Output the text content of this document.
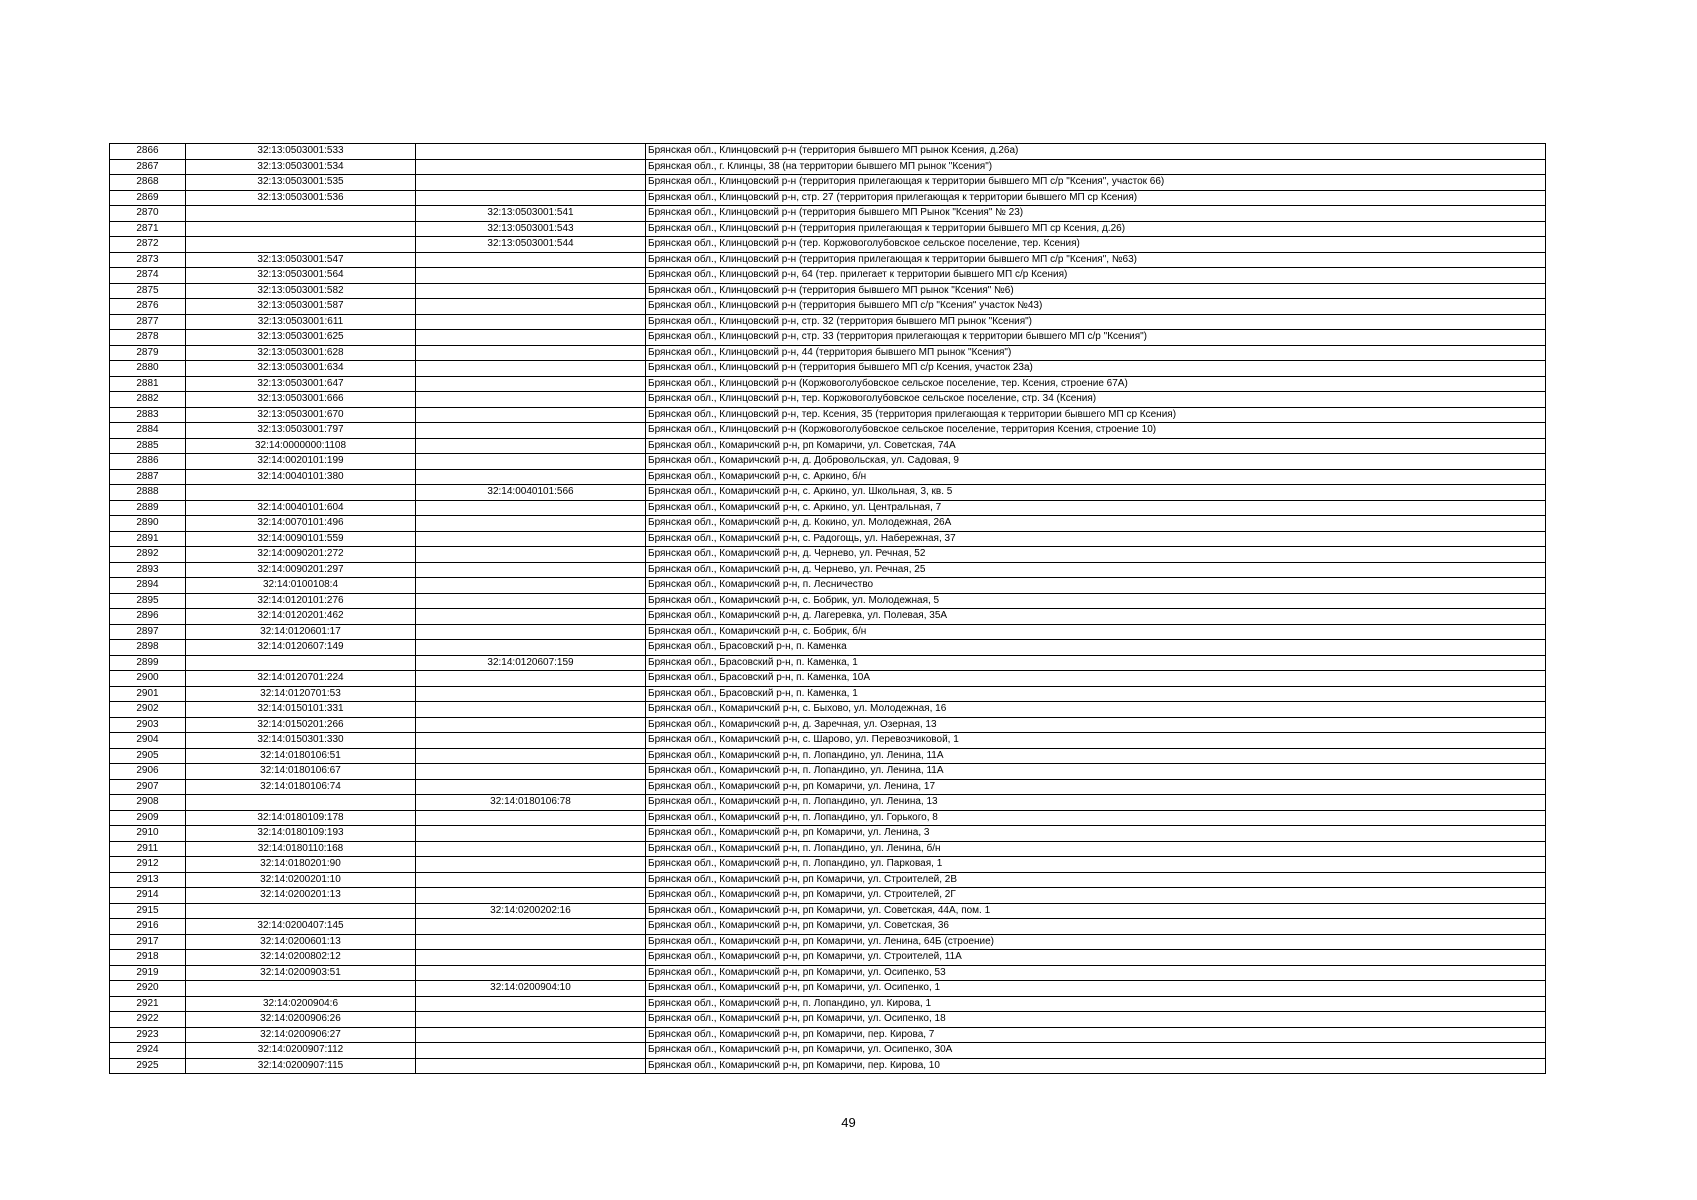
2866	32:13:0503001:533		Брянская обл., Клинцовский р-н (территория бывшего МП рынок Ксения, д.26а)
2867	32:13:0503001:534		Брянская обл., г. Клинцы, 38 (на территории бывшего МП рынок "Ксения")
2868	32:13:0503001:535		Брянская обл., Клинцовский р-н (территория прилегающая к территории бывшего МП с/р "Ксения", участок 66)
2869	32:13:0503001:536		Брянская обл., Клинцовский р-н, стр. 27 (территория прилегающая к территории бывшего МП ср Ксения)
2870		32:13:0503001:541	Брянская обл., Клинцовский р-н (территория бывшего МП Рынок "Ксения" № 23)
2871		32:13:0503001:543	Брянская обл., Клинцовский р-н (территория прилегающая к территории бывшего МП ср Ксения, д.26)
2872		32:13:0503001:544	Брянская обл., Клинцовский р-н (тер. Коржовоголубовское сельское поселение, тер. Ксения)
2873	32:13:0503001:547		Брянская обл., Клинцовский р-н (территория прилегающая к территории бывшего МП с/р "Ксения", №63)
2874	32:13:0503001:564		Брянская обл., Клинцовский р-н, 64 (тер. прилегает к территории бывшего МП с/р Ксения)
2875	32:13:0503001:582		Брянская обл., Клинцовский р-н (территория бывшего МП рынок "Ксения" №6)
2876	32:13:0503001:587		Брянская обл., Клинцовский р-н (территория бывшего МП с/р "Ксения" участок №43)
2877	32:13:0503001:611		Брянская обл., Клинцовский р-н, стр. 32 (территория бывшего МП рынок "Ксения")
2878	32:13:0503001:625		Брянская обл., Клинцовский р-н, стр. 33 (территория прилегающая к территории бывшего МП с/р "Ксения")
2879	32:13:0503001:628		Брянская обл., Клинцовский р-н, 44 (территория бывшего МП рынок "Ксения")
2880	32:13:0503001:634		Брянская обл., Клинцовский р-н (территория бывшего МП с/р Ксения, участок 23а)
2881	32:13:0503001:647		Брянская обл., Клинцовский р-н (Коржовоголубовское сельское поселение, тер. Ксения, строение 67А)
2882	32:13:0503001:666		Брянская обл., Клинцовский р-н, тер. Коржовоголубовское сельское поселение, стр. 34 (Ксения)
2883	32:13:0503001:670		Брянская обл., Клинцовский р-н, тер. Ксения, 35 (территория прилегающая к территории бывшего МП ср Ксения)
2884	32:13:0503001:797		Брянская обл., Клинцовский р-н (Коржовоголубовское сельское поселение, территория Ксения, строение 10)
2885	32:14:0000000:1108		Брянская обл., Комаричский р-н, рп Комаричи, ул. Советская, 74А
2886	32:14:0020101:199		Брянская обл., Комаричский р-н, д. Добровольская, ул. Садовая, 9
2887	32:14:0040101:380		Брянская обл., Комаричский р-н, с. Аркино, б/н
2888		32:14:0040101:566	Брянская обл., Комаричский р-н, с. Аркино, ул. Школьная, 3, кв. 5
2889	32:14:0040101:604		Брянская обл., Комаричский р-н, с. Аркино, ул. Центральная, 7
2890	32:14:0070101:496		Брянская обл., Комаричский р-н, д. Кокино, ул. Молодежная, 26А
2891	32:14:0090101:559		Брянская обл., Комаричский р-н, с. Радогощь, ул. Набережная, 37
2892	32:14:0090201:272		Брянская обл., Комаричский р-н, д. Чернево, ул. Речная, 52
2893	32:14:0090201:297		Брянская обл., Комаричский р-н, д. Чернево, ул. Речная, 25
2894	32:14:0100108:4		Брянская обл., Комаричский р-н, п. Лесничество
2895	32:14:0120101:276		Брянская обл., Комаричский р-н, с. Бобрик, ул. Молодежная, 5
2896	32:14:0120201:462		Брянская обл., Комаричский р-н, д. Лагеревка, ул. Полевая, 35А
2897	32:14:0120601:17		Брянская обл., Комаричский р-н, с. Бобрик, б/н
2898	32:14:0120607:149		Брянская обл., Брасовский р-н, п. Каменка
2899		32:14:0120607:159	Брянская обл., Брасовский р-н, п. Каменка, 1
2900	32:14:0120701:224		Брянская обл., Брасовский р-н, п. Каменка, 10А
2901	32:14:0120701:53		Брянская обл., Брасовский р-н, п. Каменка, 1
2902	32:14:0150101:331		Брянская обл., Комаричский р-н, с. Быхово, ул. Молодежная, 16
2903	32:14:0150201:266		Брянская обл., Комаричский р-н, д. Заречная, ул. Озерная, 13
2904	32:14:0150301:330		Брянская обл., Комаричский р-н, с. Шарово, ул. Перевозчиковой, 1
2905	32:14:0180106:51		Брянская обл., Комаричский р-н, п. Лопандино, ул. Ленина, 11А
2906	32:14:0180106:67		Брянская обл., Комаричский р-н, п. Лопандино, ул. Ленина, 11А
2907	32:14:0180106:74		Брянская обл., Комаричский р-н, рп Комаричи, ул. Ленина, 17
2908		32:14:0180106:78	Брянская обл., Комаричский р-н, п. Лопандино, ул. Ленина, 13
2909	32:14:0180109:178		Брянская обл., Комаричский р-н, п. Лопандино, ул. Горького, 8
2910	32:14:0180109:193		Брянская обл., Комаричский р-н, рп Комаричи, ул. Ленина, 3
2911	32:14:0180110:168		Брянская обл., Комаричский р-н, п. Лопандино, ул. Ленина, б/н
2912	32:14:0180201:90		Брянская обл., Комаричский р-н, п. Лопандино, ул. Парковая, 1
2913	32:14:0200201:10		Брянская обл., Комаричский р-н, рп Комаричи, ул. Строителей, 2В
2914	32:14:0200201:13		Брянская обл., Комаричский р-н, рп Комаричи, ул. Строителей, 2Г
2915		32:14:0200202:16	Брянская обл., Комаричский р-н, рп Комаричи, ул. Советская, 44А, пом. 1
2916	32:14:0200407:145		Брянская обл., Комаричский р-н, рп Комаричи, ул. Советская, 36
2917	32:14:0200601:13		Брянская обл., Комаричский р-н, рп Комаричи, ул. Ленина, 64Б (строение)
2918	32:14:0200802:12		Брянская обл., Комаричский р-н, рп Комаричи, ул. Строителей, 11А
2919	32:14:0200903:51		Брянская обл., Комаричский р-н, рп Комаричи, ул. Осипенко, 53
2920		32:14:0200904:10	Брянская обл., Комаричский р-н, рп Комаричи, ул. Осипенко, 1
2921	32:14:0200904:6		Брянская обл., Комаричский р-н, п. Лопандино, ул. Кирова, 1
2922	32:14:0200906:26		Брянская обл., Комаричский р-н, рп Комаричи, ул. Осипенко, 18
2923	32:14:0200906:27		Брянская обл., Комаричский р-н, рп Комаричи, пер. Кирова, 7
2924	32:14:0200907:112		Брянская обл., Комаричский р-н, рп Комаричи, ул. Осипенко, 30А
2925	32:14:0200907:115		Брянская обл., Комаричский р-н, рп Комаричи, пер. Кирова, 10
49
